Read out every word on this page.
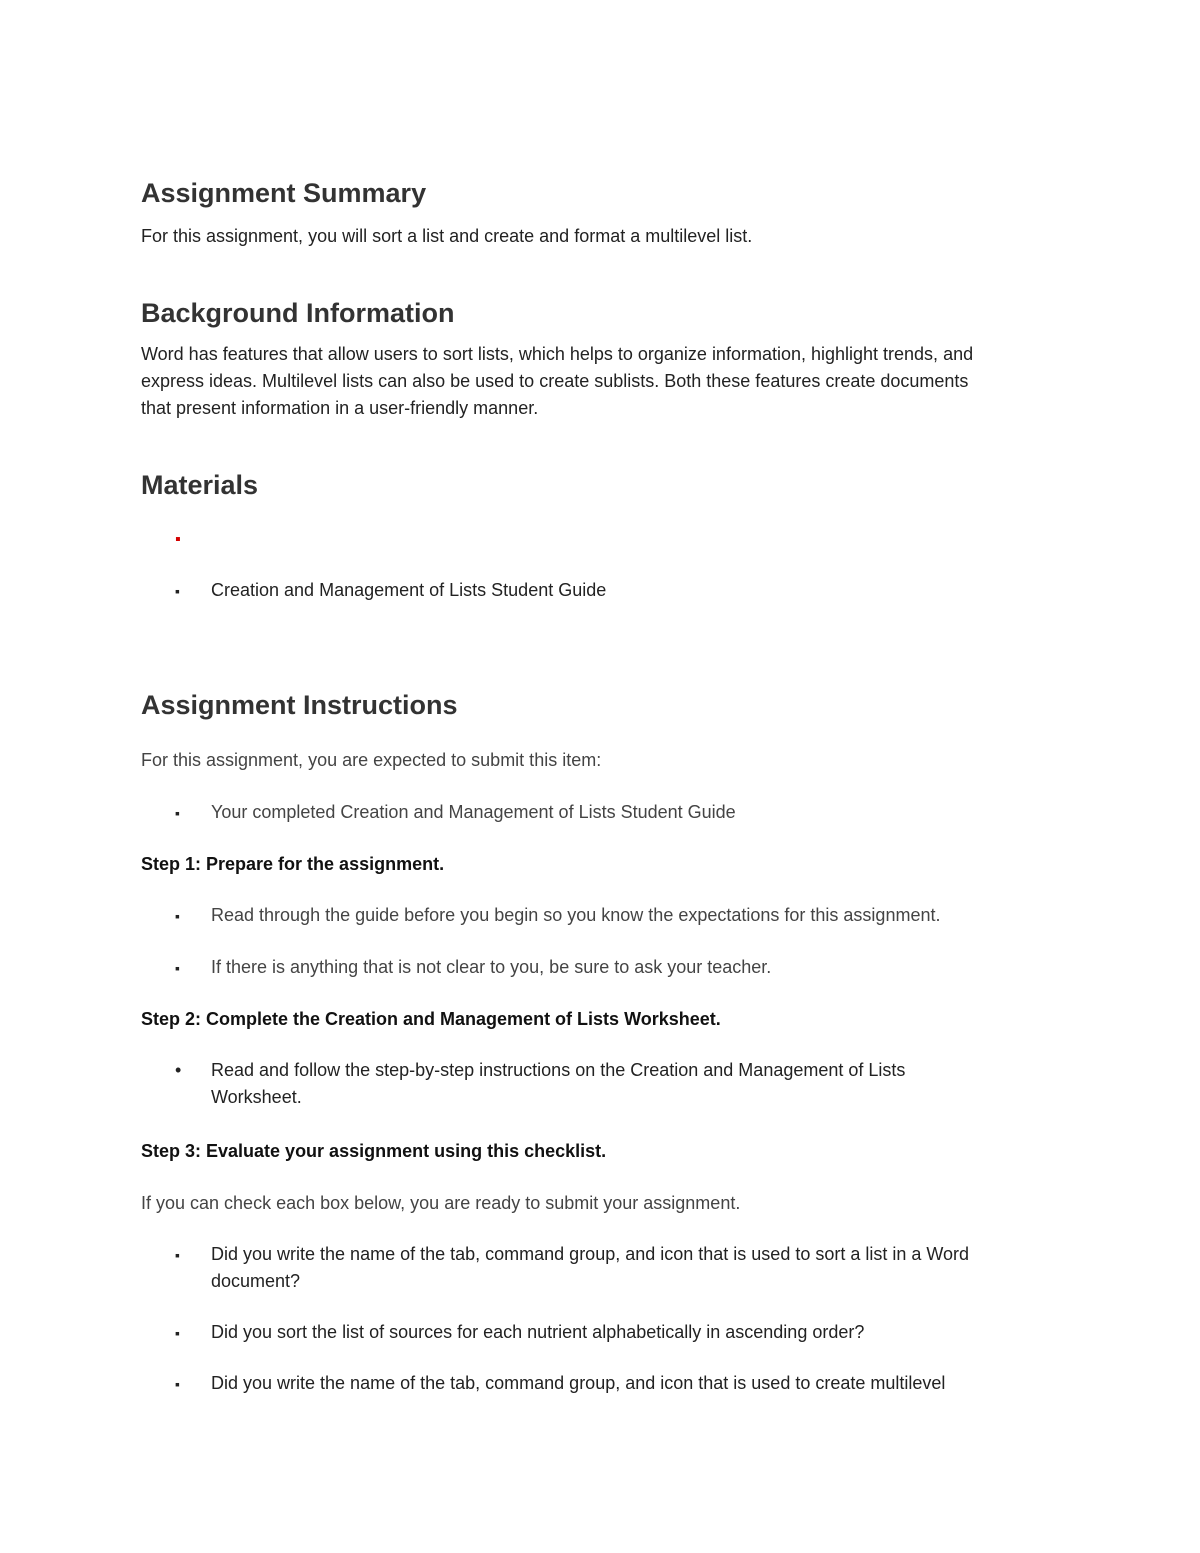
Assignment Summary

For this assignment, you will sort a list and create and format a multilevel list.

Background Information

Word has features that allow users to sort lists, which helps to organize information, highlight trends, and

express ideas. Multilevel lists can also be used to create sublists. Both these features create documents

that present information in a user-friendly manner.

Materials
▪
▪ Creation and Management of Lists Student Guide

Assignment Instructions

For this assignment, you are expected to submit this item:

▪ Your completed Creation and Management of Lists Student Guide

Step 1: Prepare for the assignment.

▪ Read through the guide before you begin so you know the expectations for this assignment.

▪ If there is anything that is not clear to you, be sure to ask your teacher.

Step 2: Complete the Creation and Management of Lists Worksheet.

• Read and follow the step-by-step instructions on the Creation and Management of Lists

Worksheet.

Step 3: Evaluate your assignment using this checklist.

If you can check each box below, you are ready to submit your assignment.

▪ Did you write the name of the tab, command group, and icon that is used to sort a list in a Word

document?

▪ Did you sort the list of sources for each nutrient alphabetically in ascending order?

▪ Did you write the name of the tab, command group, and icon that is used to create multilevel
